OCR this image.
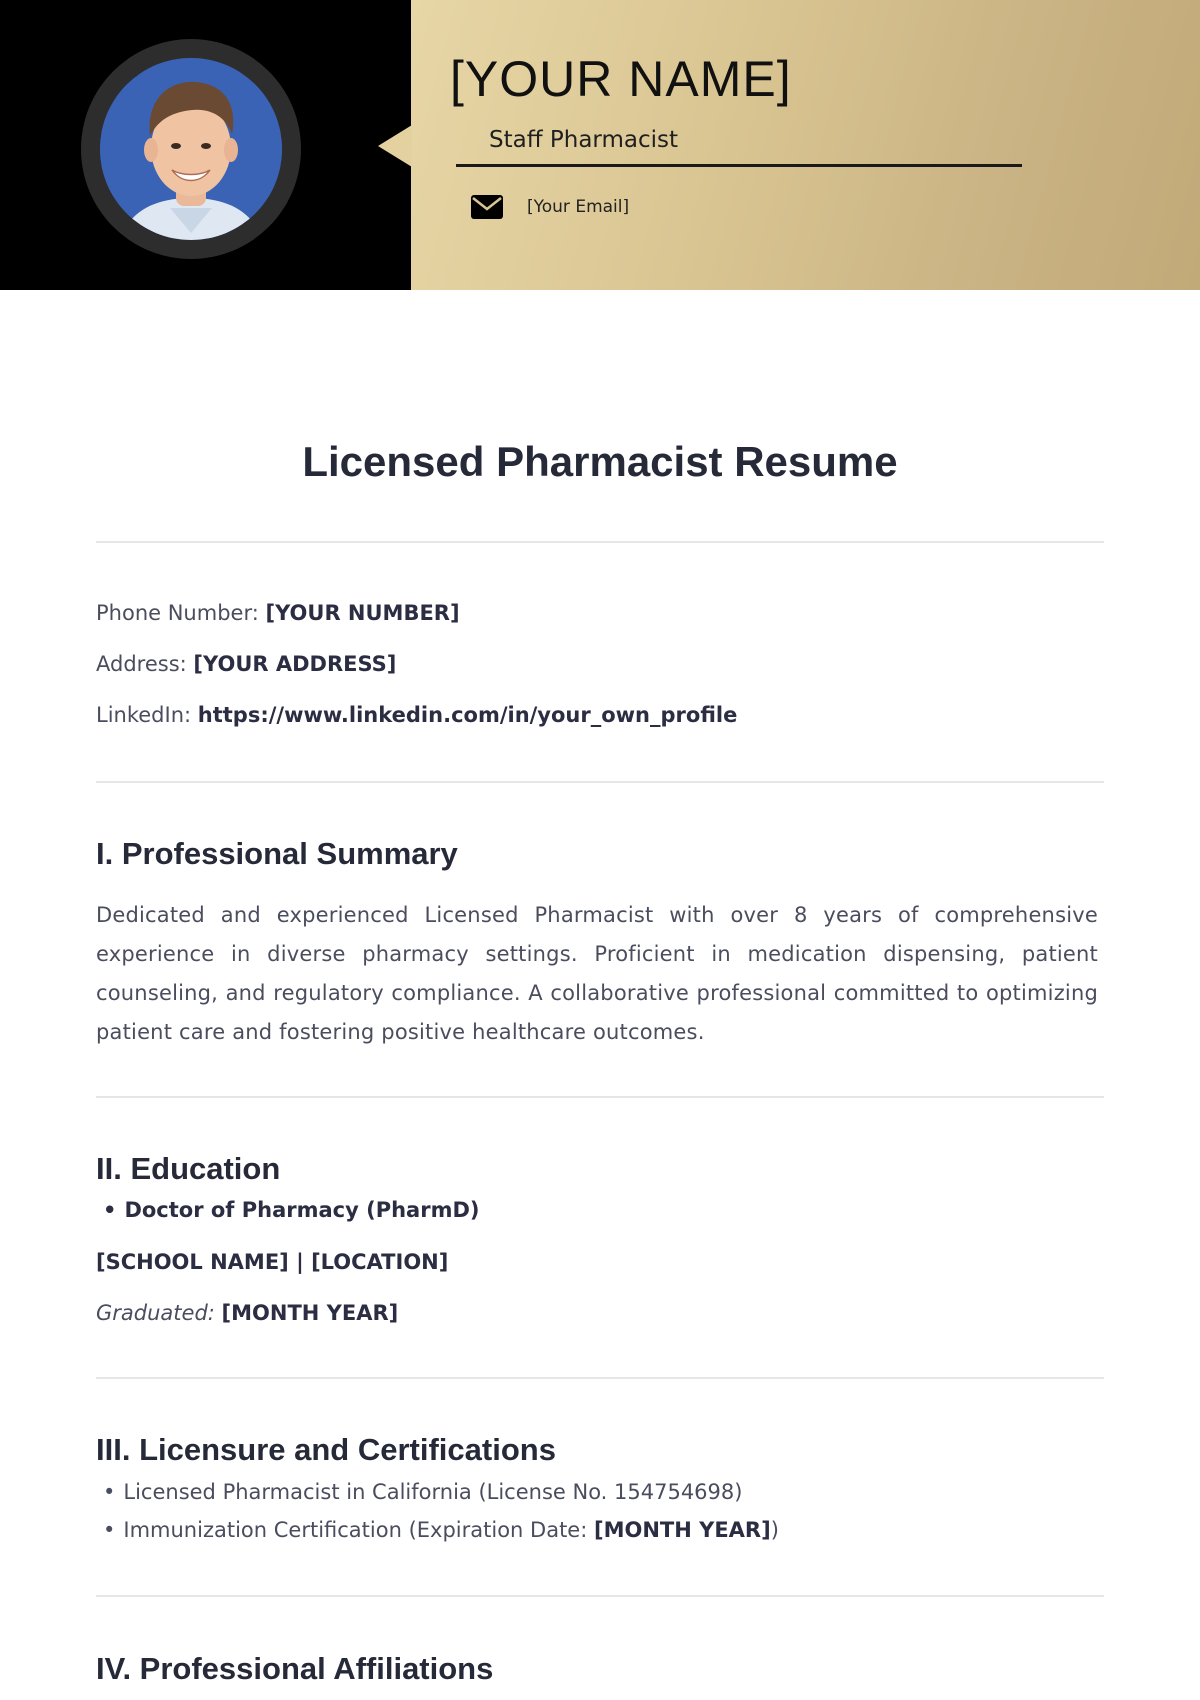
[YOUR NAME]
Staff Pharmacist
[Your Email]
Licensed Pharmacist Resume
Phone Number: [YOUR NUMBER]
Address: [YOUR ADDRESS]
LinkedIn: https://www.linkedin.com/in/your_own_profile
I. Professional Summary
Dedicated and experienced Licensed Pharmacist with over 8 years of comprehensive experience in diverse pharmacy settings. Proficient in medication dispensing, patient counseling, and regulatory compliance. A collaborative professional committed to optimizing patient care and fostering positive healthcare outcomes.
II. Education
• Doctor of Pharmacy (PharmD)
[SCHOOL NAME] | [LOCATION]
Graduated: [MONTH YEAR]
III. Licensure and Certifications
• Licensed Pharmacist in California (License No. 154754698)
• Immunization Certification (Expiration Date: [MONTH YEAR])
IV. Professional Affiliations
